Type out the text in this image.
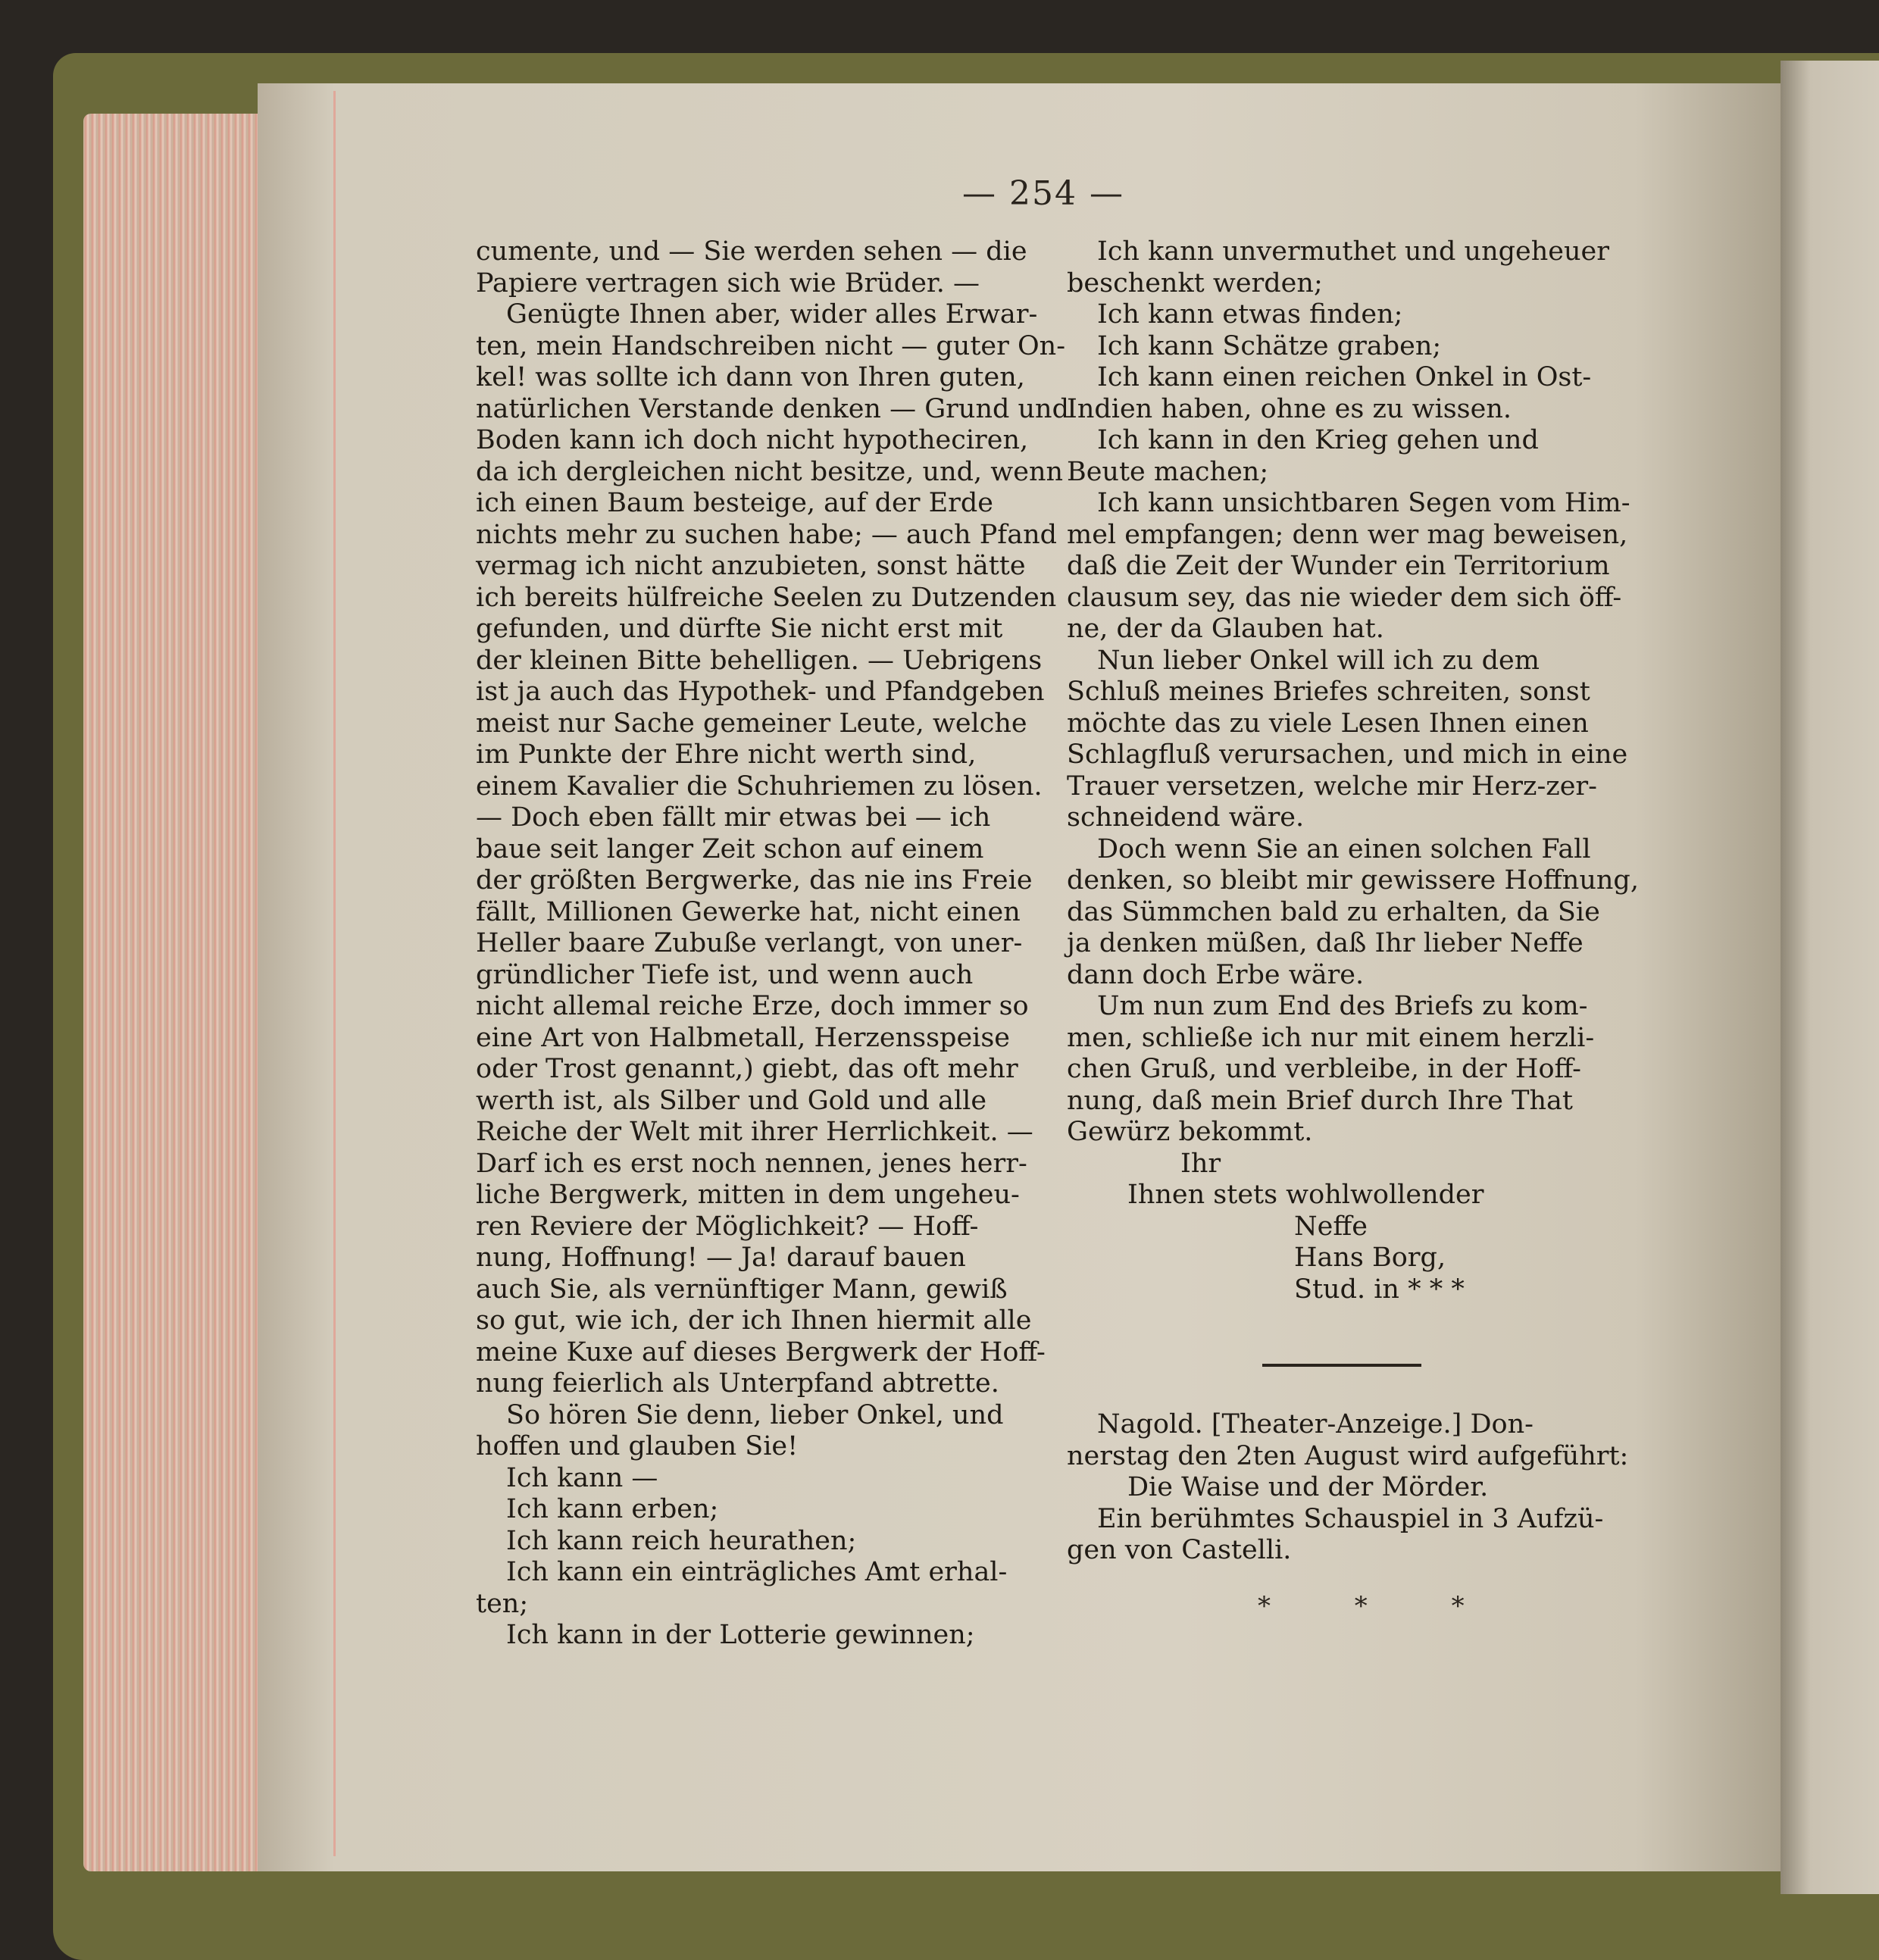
— 254 —
cumente, und — Sie werden sehen — die
Papiere vertragen sich wie Brüder. —
Genügte Ihnen aber, wider alles Erwar-
ten, mein Handschreiben nicht — guter On-
kel! was sollte ich dann von Ihren guten,
natürlichen Verstande denken — Grund und
Boden kann ich doch nicht hypotheciren,
da ich dergleichen nicht besitze, und, wenn
ich einen Baum besteige, auf der Erde
nichts mehr zu suchen habe; — auch Pfand
vermag ich nicht anzubieten, sonst hätte
ich bereits hülfreiche Seelen zu Dutzenden
gefunden, und dürfte Sie nicht erst mit
der kleinen Bitte behelligen. — Uebrigens
ist ja auch das Hypothek- und Pfandgeben
meist nur Sache gemeiner Leute, welche
im Punkte der Ehre nicht werth sind,
einem Kavalier die Schuhriemen zu lösen.
— Doch eben fällt mir etwas bei — ich
baue seit langer Zeit schon auf einem
der größten Bergwerke, das nie ins Freie
fällt, Millionen Gewerke hat, nicht einen
Heller baare Zubuße verlangt, von uner-
gründlicher Tiefe ist, und wenn auch
nicht allemal reiche Erze, doch immer so
eine Art von Halbmetall, Herzensspeise
oder Trost genannt,) giebt, das oft mehr
werth ist, als Silber und Gold und alle
Reiche der Welt mit ihrer Herrlichkeit. —
Darf ich es erst noch nennen, jenes herr-
liche Bergwerk, mitten in dem ungeheu-
ren Reviere der Möglichkeit? — Hoff-
nung, Hoffnung! — Ja! darauf bauen
auch Sie, als vernünftiger Mann, gewiß
so gut, wie ich, der ich Ihnen hiermit alle
meine Kuxe auf dieses Bergwerk der Hoff-
nung feierlich als Unterpfand abtrette.
So hören Sie denn, lieber Onkel, und
hoffen und glauben Sie!
Ich kann —
Ich kann erben;
Ich kann reich heurathen;
Ich kann ein einträgliches Amt erhal-
ten;
Ich kann in der Lotterie gewinnen;
Ich kann unvermuthet und ungeheuer
beschenkt werden;
Ich kann etwas finden;
Ich kann Schätze graben;
Ich kann einen reichen Onkel in Ost-
Indien haben, ohne es zu wissen.
Ich kann in den Krieg gehen und
Beute machen;
Ich kann unsichtbaren Segen vom Him-
mel empfangen; denn wer mag beweisen,
daß die Zeit der Wunder ein Territorium
clausum sey, das nie wieder dem sich öff-
ne, der da Glauben hat.
Nun lieber Onkel will ich zu dem
Schluß meines Briefes schreiten, sonst
möchte das zu viele Lesen Ihnen einen
Schlagfluß verursachen, und mich in eine
Trauer versetzen, welche mir Herz-zer-
schneidend wäre.
Doch wenn Sie an einen solchen Fall
denken, so bleibt mir gewissere Hoffnung,
das Sümmchen bald zu erhalten, da Sie
ja denken müßen, daß Ihr lieber Neffe
dann doch Erbe wäre.
Um nun zum End des Briefs zu kom-
men, schließe ich nur mit einem herzli-
chen Gruß, und verbleibe, in der Hoff-
nung, daß mein Brief durch Ihre That
Gewürz bekommt.
Ihr
Ihnen stets wohlwollender
Neffe
Hans Borg,
Stud. in * * *
Nagold. [Theater-Anzeige.] Don-
nerstag den 2ten August wird aufgeführt:
Die Waise und der Mörder.
Ein berühmtes Schauspiel in 3 Aufzü-
gen von Castelli.
* * *
